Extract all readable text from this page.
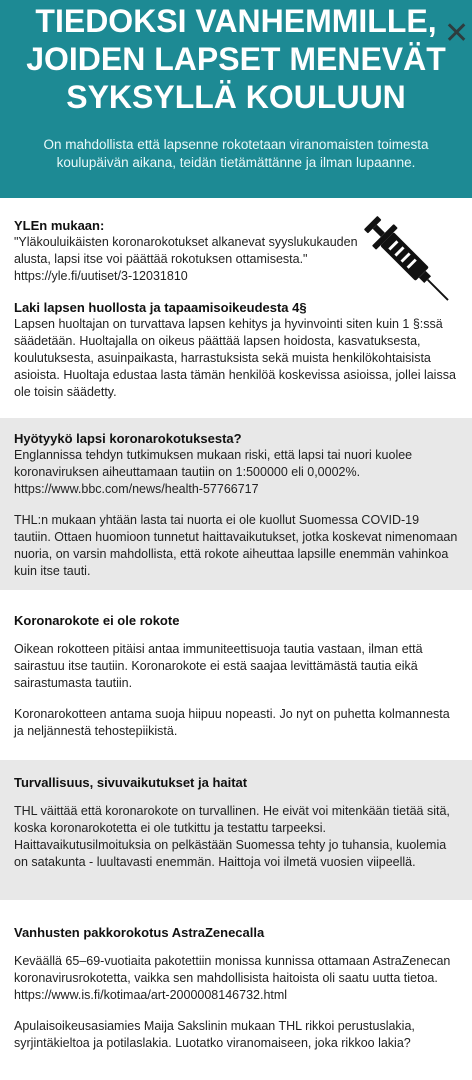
TIEDOKSI VANHEMMILLE,
JOIDEN LAPSET MENEVÄT
SYKSYLLÄ KOULUUN
✕
On mahdollista että lapsenne rokotetaan viranomaisten toimesta koulupäivän aikana, teidän tietämättänne ja ilman lupaanne.
YLEn mukaan:
"Yläkouluikäisten koronarokotukset alkanevat syyslukukauden alusta, lapsi itse voi päättää rokotuksen ottamisesta."
https://yle.fi/uutiset/3-12031810
Laki lapsen huollosta ja tapaamisoikeudesta 4§
Lapsen huoltajan on turvattava lapsen kehitys ja hyvinvointi siten kuin 1 §:ssä säädetään. Huoltajalla on oikeus päättää lapsen hoidosta, kasvatuksesta, koulutuksesta, asuinpaikasta, harrastuksista sekä muista henkilökohtaisista asioista. Huoltaja edustaa lasta tämän henkilöä koskevissa asioissa, jollei laissa ole toisin säädetty.
Hyötyykö lapsi koronarokotuksesta?
Englannissa tehdyn tutkimuksen mukaan riski, että lapsi tai nuori kuolee koronaviruksen aiheuttamaan tautiin on 1:500000 eli 0,0002%.
https://www.bbc.com/news/health-57766717
THL:n mukaan yhtään lasta tai nuorta ei ole kuollut Suomessa COVID-19 tautiin. Ottaen huomioon tunnetut haittavaikutukset, jotka koskevat nimenomaan nuoria, on varsin mahdollista, että rokote aiheuttaa lapsille enemmän vahinkoa kuin itse tauti.
Koronarokote ei ole rokote
Oikean rokotteen pitäisi antaa immuniteettisuoja tautia vastaan, ilman että sairastuu itse tautiin. Koronarokote ei estä saajaa levittämästä tautia eikä sairastumasta tautiin.
Koronarokotteen antama suoja hiipuu nopeasti. Jo nyt on puhetta kolmannesta ja neljännestä tehostepiikistä.
Turvallisuus, sivuvaikutukset ja haitat
THL väittää että koronarokote on turvallinen. He eivät voi mitenkään tietää sitä, koska koronarokotetta ei ole tutkittu ja testattu tarpeeksi. Haittavaikutusilmoituksia on pelkästään Suomessa tehty jo tuhansia, kuolemia on satakunta - luultavasti enemmän. Haittoja voi ilmetä vuosien viipeellä.
Vanhusten pakkorokotus AstraZenecalla
Keväällä 65–69-vuotiaita pakotettiin monissa kunnissa ottamaan AstraZenecan koronavirusrokotetta, vaikka sen mahdollisista haitoista oli saatu uutta tietoa.
https://www.is.fi/kotimaa/art-2000008146732.html
Apulaisoikeusasiamies Maija Sakslinin mukaan THL rikkoi perustuslakia, syrjintäkieltoa ja potilaslakia. Luotatko viranomaiseen, joka rikkoo lakia?
